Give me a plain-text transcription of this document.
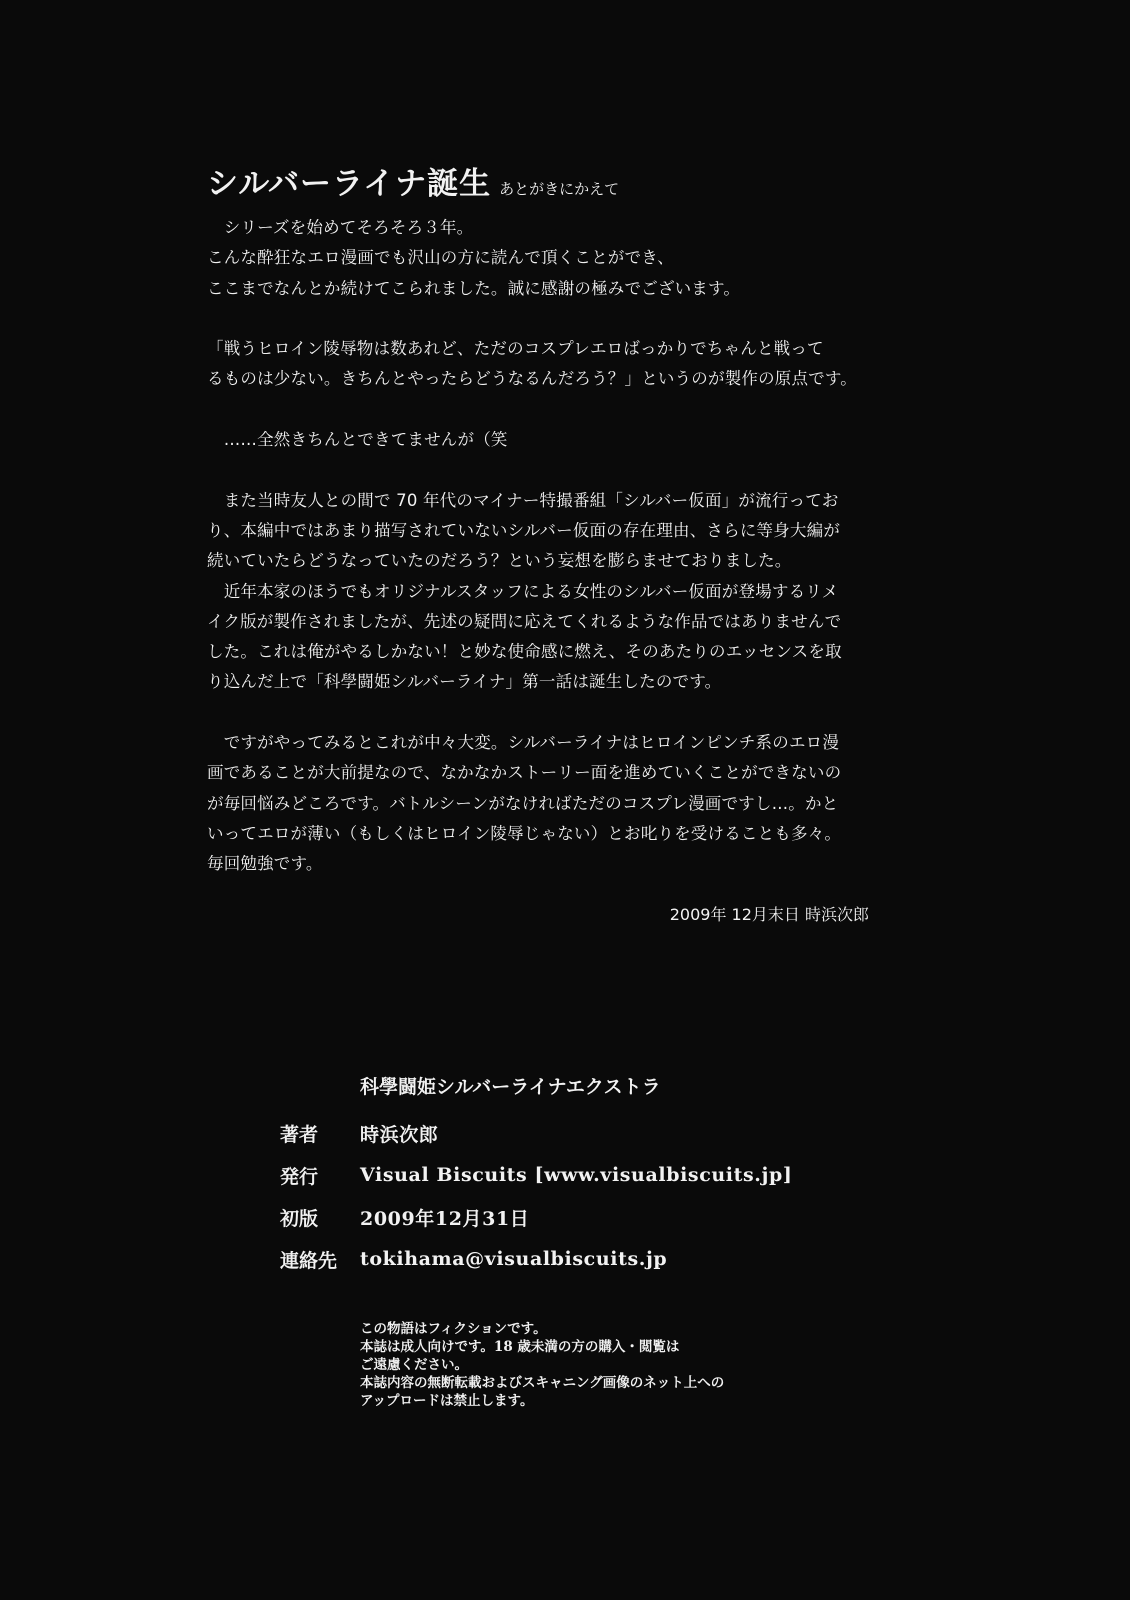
シルバーライナ誕生 あとがきにかえて

　シリーズを始めてそろそろ３年。
こんな酔狂なエロ漫画でも沢山の方に読んで頂くことができ、
ここまでなんとか続けてこられました。誠に感謝の極みでございます。

「戦うヒロイン陵辱物は数あれど、ただのコスプレエロばっかりでちゃんと戦って
るものは少ない。きちんとやったらどうなるんだろう？」というのが製作の原点です。

　……全然きちんとできてませんが（笑

　また当時友人との間で 70 年代のマイナー特撮番組「シルバー仮面」が流行ってお
り、本編中ではあまり描写されていないシルバー仮面の存在理由、さらに等身大編が
続いていたらどうなっていたのだろう？という妄想を膨らませておりました。
　近年本家のほうでもオリジナルスタッフによる女性のシルバー仮面が登場するリメ
イク版が製作されましたが、先述の疑問に応えてくれるような作品ではありませんで
した。これは俺がやるしかない！と妙な使命感に燃え、そのあたりのエッセンスを取
り込んだ上で「科學闘姫シルバーライナ」第一話は誕生したのです。

　ですがやってみるとこれが中々大変。シルバーライナはヒロインピンチ系のエロ漫
画であることが大前提なので、なかなかストーリー面を進めていくことができないの
が毎回悩みどころです。バトルシーンがなければただのコスプレ漫画ですし…。かと
いってエロが薄い（もしくはヒロイン陵辱じゃない）とお叱りを受けることも多々。
毎回勉強です。

2009年 12月末日 時浜次郎
科學闘姫シルバーライナエクストラ
著者	時浜次郎
発行	Visual Biscuits [www.visualbiscuits.jp]
初版	2009年12月31日
連絡先	tokihama@visualbiscuits.jp
この物語はフィクションです。
本誌は成人向けです。18 歳未満の方の購入・閲覧は
ご遠慮ください。
本誌内容の無断転載およびスキャニング画像のネット上への
アップロードは禁止します。
